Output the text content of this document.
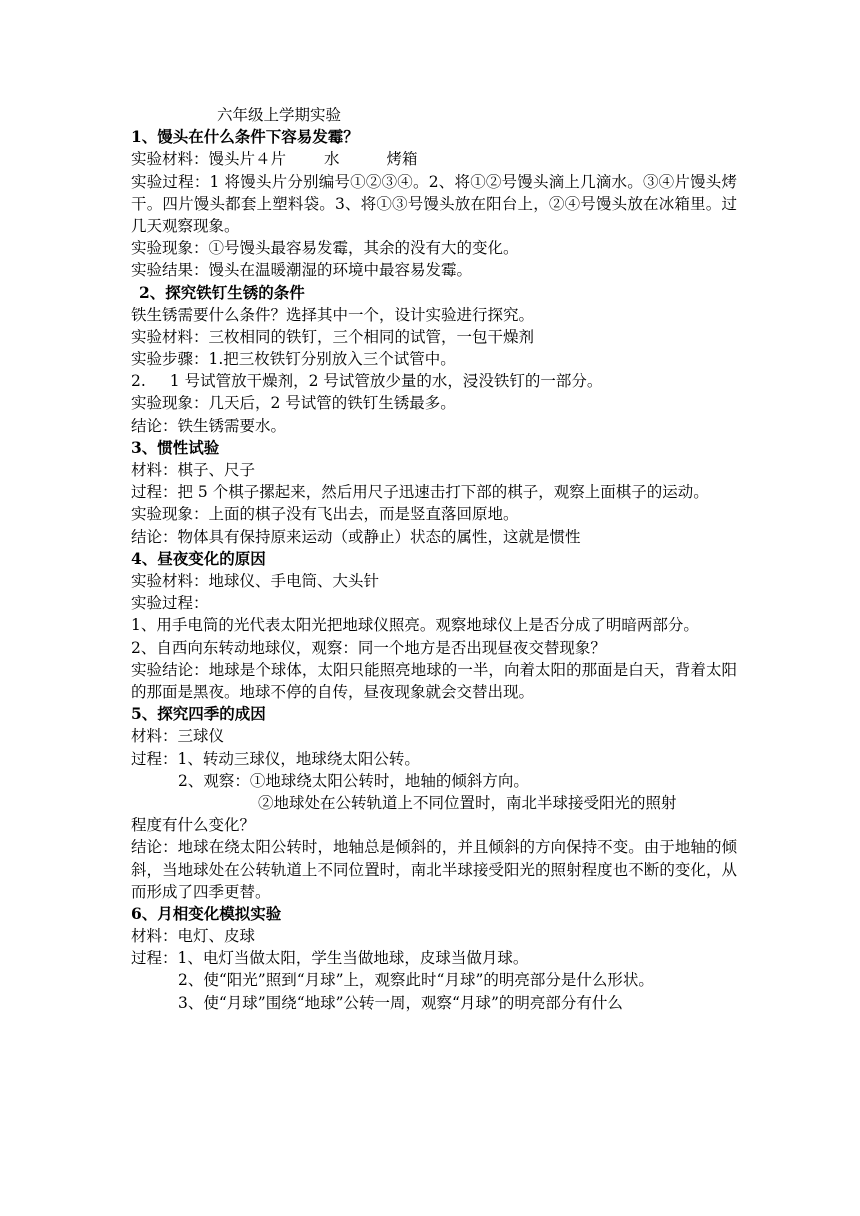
六年级上学期实验
1、馒头在什么条件下容易发霉？
实验材料：馒头片４片 水	烤箱
实验过程：1 将馒头片分别编号①②③④。2、将①②号馒头滴上几滴水。③④片馒头烤干。四片馒头都套上塑料袋。3、将①③号馒头放在阳台上，②④号馒头放在冰箱里。过几天观察现象。
实验现象：①号馒头最容易发霉，其余的没有大的变化。
实验结果：馒头在温暖潮湿的环境中最容易发霉。
2、探究铁钉生锈的条件
铁生锈需要什么条件？选择其中一个，设计实验进行探究。
实验材料：三枚相同的铁钉，三个相同的试管，一包干燥剂
实验步骤：1.把三枚铁钉分别放入三个试管中。
2. 1 号试管放干燥剂，2 号试管放少量的水，浸没铁钉的一部分。
实验现象：几天后，2 号试管的铁钉生锈最多。
结论：铁生锈需要水。
3、惯性试验
材料：棋子、尺子
过程：把 5 个棋子摞起来，然后用尺子迅速击打下部的棋子，观察上面棋子的运动。
实验现象：上面的棋子没有飞出去，而是竖直落回原地。
结论：物体具有保持原来运动（或静止）状态的属性，这就是惯性
4、昼夜变化的原因
实验材料：地球仪、手电筒、大头针
实验过程：
1、用手电筒的光代表太阳光把地球仪照亮。观察地球仪上是否分成了明暗两部分。
2、自西向东转动地球仪，观察：同一个地方是否出现昼夜交替现象？
实验结论：地球是个球体，太阳只能照亮地球的一半，向着太阳的那面是白天，背着太阳的那面是黑夜。地球不停的自传，昼夜现象就会交替出现。
5、探究四季的成因
材料：三球仪
过程：1、转动三球仪，地球绕太阳公转。
2、观察：①地球绕太阳公转时，地轴的倾斜方向。
②地球处在公转轨道上不同位置时，南北半球接受阳光的照射
程度有什么变化？
结论：地球在绕太阳公转时，地轴总是倾斜的，并且倾斜的方向保持不变。由于地轴的倾斜，当地球处在公转轨道上不同位置时，南北半球接受阳光的照射程度也不断的变化，从而形成了四季更替。
6、月相变化模拟实验
材料：电灯、皮球
过程：1、电灯当做太阳，学生当做地球，皮球当做月球。
2、使“阳光”照到“月球”上，观察此时“月球”的明亮部分是什么形状。
3、使“月球”围绕“地球”公转一周，观察“月球”的明亮部分有什么
